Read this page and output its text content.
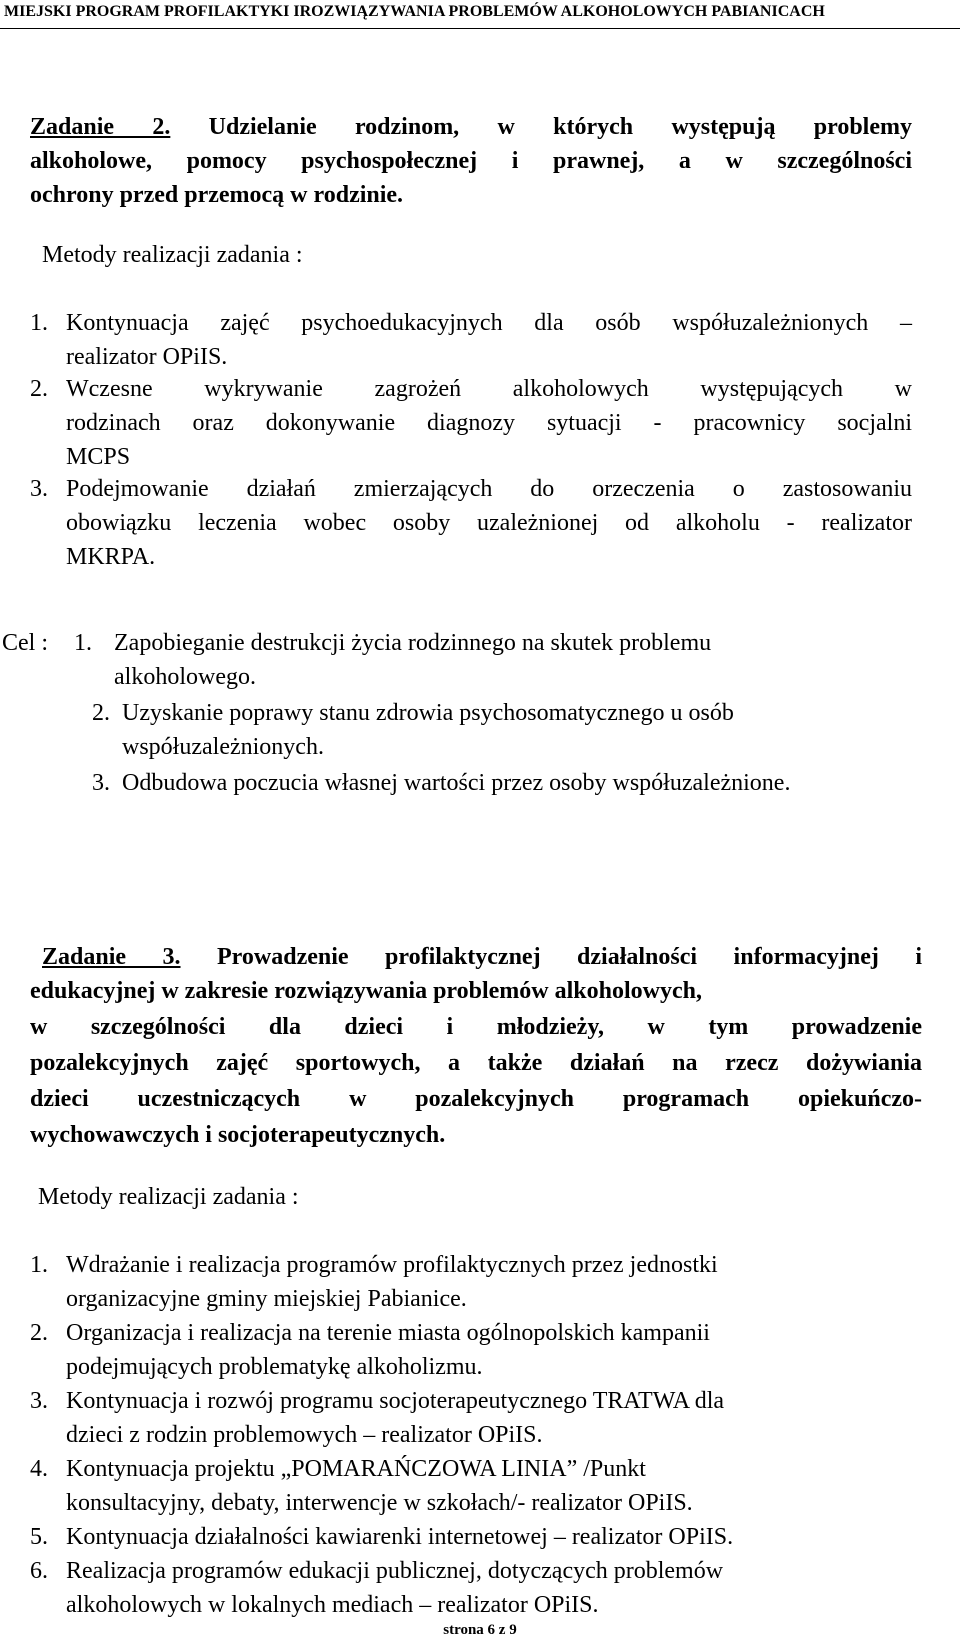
MIEJSKI PROGRAM PROFILAKTYKI IROZWIĄZYWANIA PROBLEMÓW ALKOHOLOWYCH PABIANICACH
Zadanie 2. Udzielanie rodzinom, w których występują problemy
alkoholowe, pomocy psychospołecznej i prawnej, a w szczególności
ochrony przed przemocą w rodzinie.
Metody realizacji zadania :
1. Kontynuacja zajęć psychoedukacyjnych dla osób współuzależnionych –
realizator OPiIS.
2. Wczesne wykrywanie zagrożeń alkoholowych występujących w
rodzinach oraz dokonywanie diagnozy sytuacji - pracownicy socjalni
MCPS
3. Podejmowanie działań zmierzających do orzeczenia o zastosowaniu
obowiązku leczenia wobec osoby uzależnionej od alkoholu - realizator
MKRPA.
Cel : 1. Zapobieganie destrukcji życia rodzinnego na skutek problemu
alkoholowego.
2. Uzyskanie poprawy stanu zdrowia psychosomatycznego u osób
współuzależnionych.
3. Odbudowa poczucia własnej wartości przez osoby współuzależnione.
Zadanie 3. Prowadzenie profilaktycznej działalności informacyjnej i
edukacyjnej w zakresie rozwiązywania problemów alkoholowych,
w szczególności dla dzieci i młodzieży, w tym prowadzenie
pozalekcyjnych zajęć sportowych, a także działań na rzecz dożywiania
dzieci uczestniczących w pozalekcyjnych programach opiekuńczo-
wychowawczych i socjoterapeutycznych.
Metody realizacji zadania :
1. Wdrażanie i realizacja programów profilaktycznych przez jednostki
organizacyjne gminy miejskiej Pabianice.
2. Organizacja i realizacja na terenie miasta ogólnopolskich kampanii
podejmujących problematykę alkoholizmu.
3. Kontynuacja i rozwój programu socjoterapeutycznego TRATWA dla
dzieci z rodzin problemowych – realizator OPiIS.
4. Kontynuacja projektu „POMARAŃCZOWA LINIA” /Punkt
konsultacyjny, debaty, interwencje w szkołach/- realizator OPiIS.
5. Kontynuacja działalności kawiarenki internetowej – realizator OPiIS.
6. Realizacja programów edukacji publicznej, dotyczących problemów
alkoholowych w lokalnych mediach – realizator OPiIS.
strona 6 z 9
